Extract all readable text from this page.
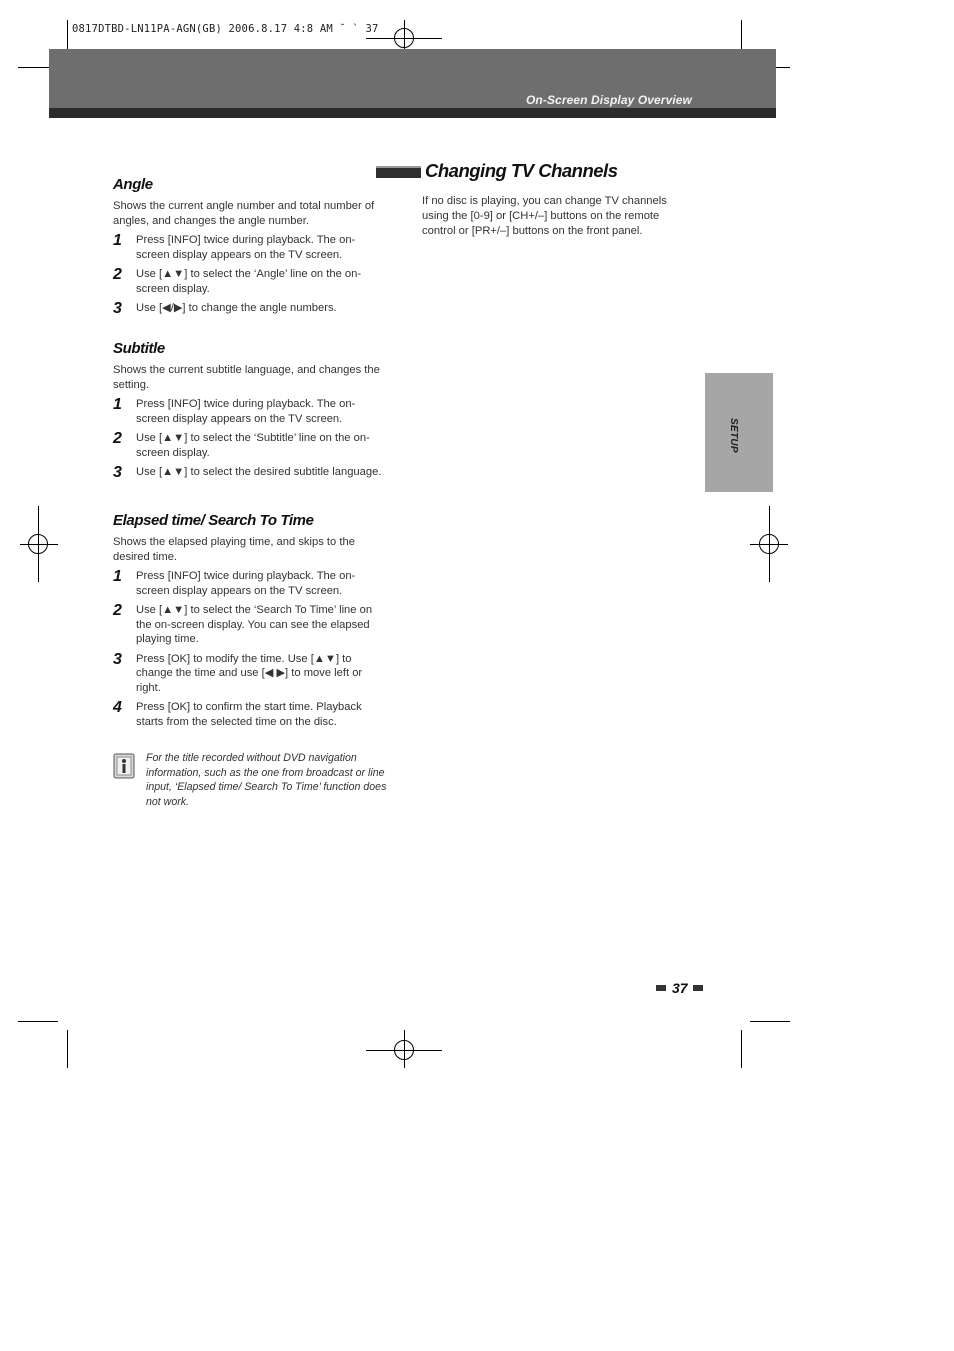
0817DTBD-LN11PA-AGN(GB) 2006.8.17 4:8 AM ˘ ` 37
On-Screen Display Overview
Angle

Shows the current angle number and total number of angles, and changes the angle number.

1	Press [INFO] twice during playback. The on-screen display appears on the TV screen.
2	Use [▲▼] to select the ‘Angle’ line on the on-screen display.
3	Use [◀/▶] to change the angle numbers.
Subtitle

Shows the current subtitle language, and changes the setting.

1	Press [INFO] twice during playback. The on-screen display appears on the TV screen.
2	Use [▲▼] to select the ‘Subtitle’ line on the on-screen display.
3	Use [▲▼] to select the desired subtitle language.
Elapsed time/ Search To Time

Shows the elapsed playing time, and skips to the desired time.

1	Press [INFO] twice during playback. The on-screen display appears on the TV screen.
2	Use [▲▼] to select the ‘Search To Time’ line on the on-screen display. You can see the elapsed playing time.
3	Press [OK] to modify the time. Use [▲▼] to change the time and use [◀ ▶] to move left or right.
4	Press [OK] to confirm the start time. Playback starts from the selected time on the disc.
For the title recorded without DVD navigation information, such as the one from broadcast or line input, ‘Elapsed time/ Search To Time’ function does not work.
Changing TV Channels

If no disc is playing, you can change TV channels using the [0-9] or [CH+/–] buttons on the remote control or [PR+/–] buttons on the front panel.

SETUP
37
